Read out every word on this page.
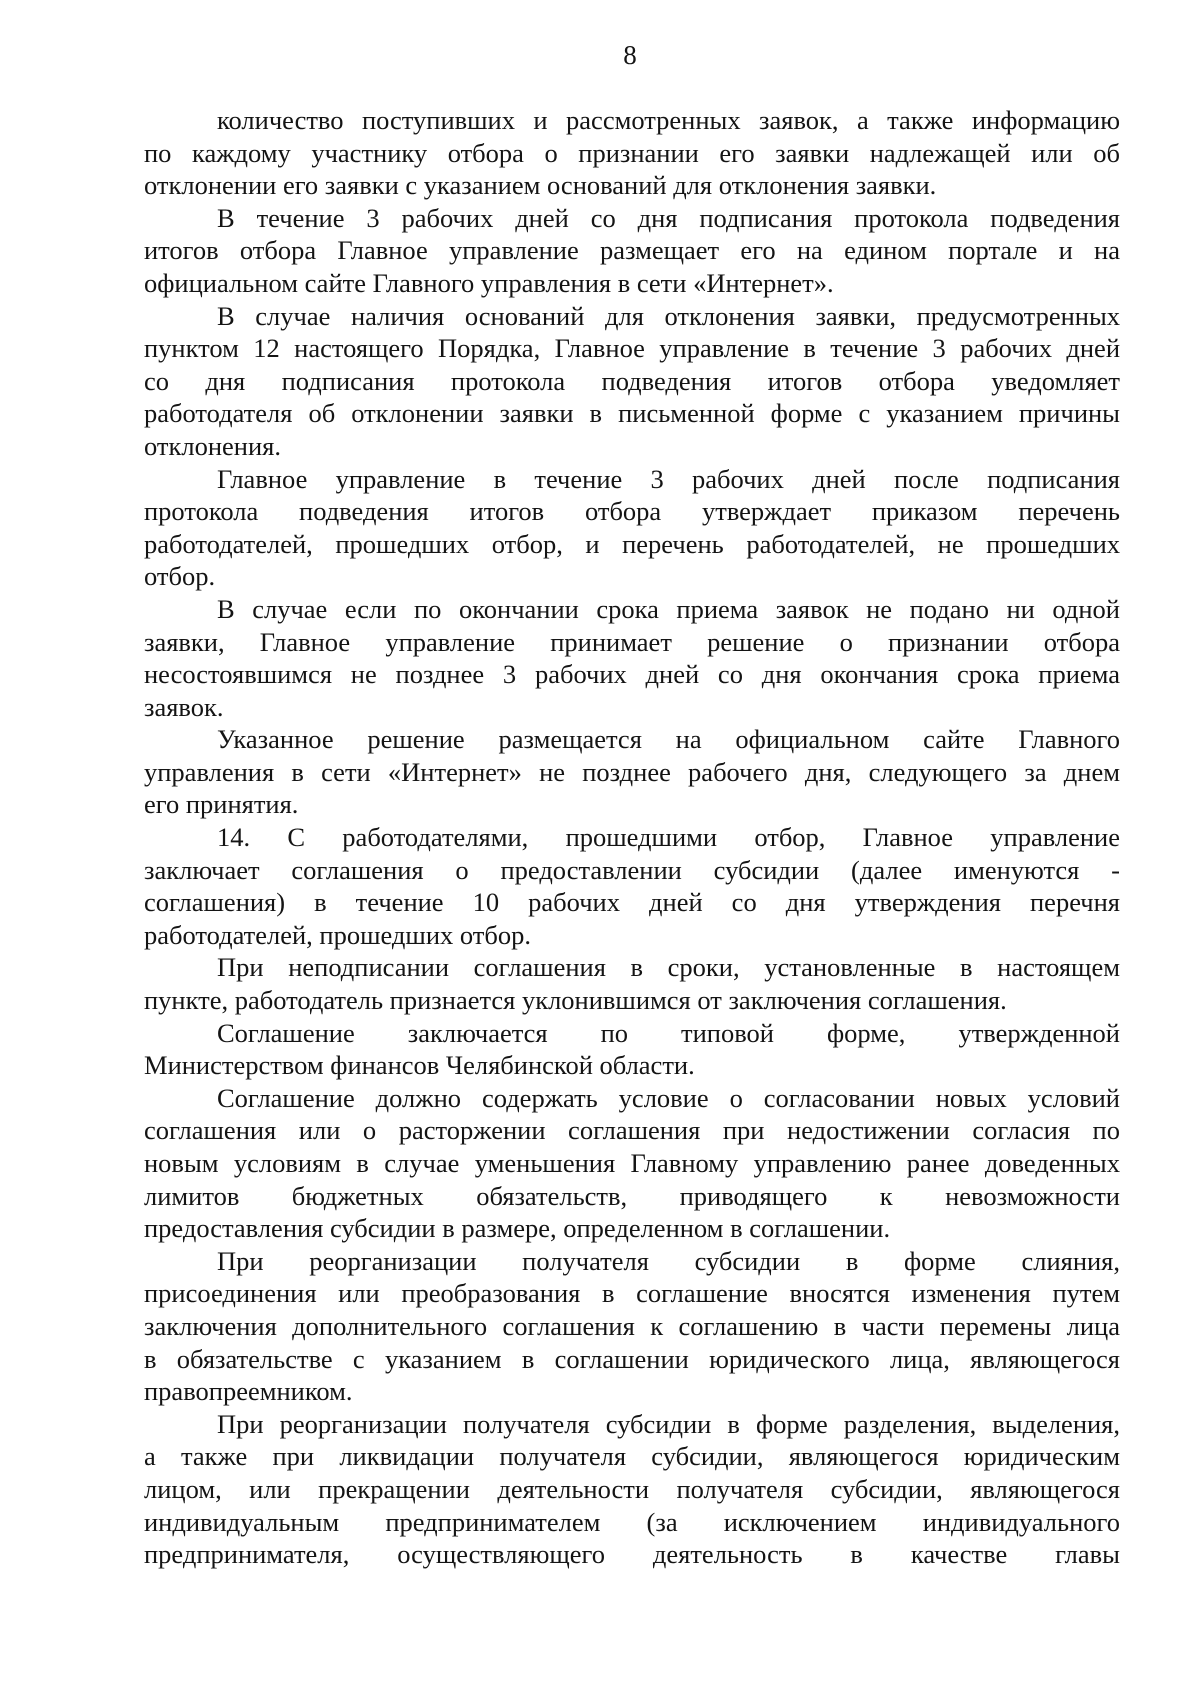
8
количество поступивших и рассмотренных заявок, а также информацию
по каждому участнику отбора о признании его заявки надлежащей или об
отклонении его заявки с указанием оснований для отклонения заявки.
В течение 3 рабочих дней со дня подписания протокола подведения
итогов отбора Главное управление размещает его на едином портале и на
официальном сайте Главного управления в сети «Интернет».
В случае наличия оснований для отклонения заявки, предусмотренных
пунктом 12 настоящего Порядка, Главное управление в течение 3 рабочих дней
со дня подписания протокола подведения итогов отбора уведомляет
работодателя об отклонении заявки в письменной форме с указанием причины
отклонения.
Главное управление в течение 3 рабочих дней после подписания
протокола подведения итогов отбора утверждает приказом перечень
работодателей, прошедших отбор, и перечень работодателей, не прошедших
отбор.
В случае если по окончании срока приема заявок не подано ни одной
заявки, Главное управление принимает решение о признании отбора
несостоявшимся не позднее 3 рабочих дней со дня окончания срока приема
заявок.
Указанное решение размещается на официальном сайте Главного
управления в сети «Интернет» не позднее рабочего дня, следующего за днем
его принятия.
14. С работодателями, прошедшими отбор, Главное управление
заключает соглашения о предоставлении субсидии (далее именуются -
соглашения) в течение 10 рабочих дней со дня утверждения перечня
работодателей, прошедших отбор.
При неподписании соглашения в сроки, установленные в настоящем
пункте, работодатель признается уклонившимся от заключения соглашения.
Соглашение заключается по типовой форме, утвержденной
Министерством финансов Челябинской области.
Соглашение должно содержать условие о согласовании новых условий
соглашения или о расторжении соглашения при недостижении согласия по
новым условиям в случае уменьшения Главному управлению ранее доведенных
лимитов бюджетных обязательств, приводящего к невозможности
предоставления субсидии в размере, определенном в соглашении.
При реорганизации получателя субсидии в форме слияния,
присоединения или преобразования в соглашение вносятся изменения путем
заключения дополнительного соглашения к соглашению в части перемены лица
в обязательстве с указанием в соглашении юридического лица, являющегося
правопреемником.
При реорганизации получателя субсидии в форме разделения, выделения,
а также при ликвидации получателя субсидии, являющегося юридическим
лицом, или прекращении деятельности получателя субсидии, являющегося
индивидуальным предпринимателем (за исключением индивидуального
предпринимателя, осуществляющего деятельность в качестве главы
